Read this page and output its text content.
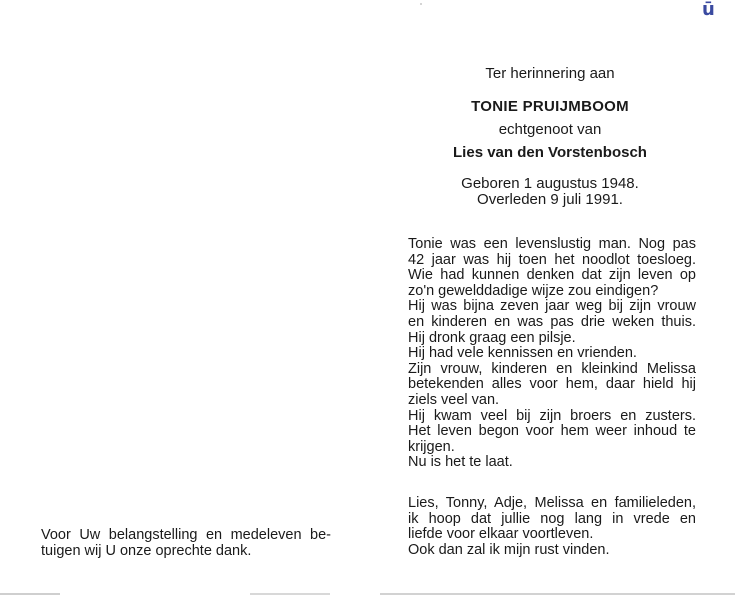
ū
Ter herinnering aan
TONIE PRUIJMBOOM
echtgenoot van
Lies van den Vorstenbosch
Geboren 1 augustus 1948.
Overleden 9 juli 1991.

Tonie was een levenslustig man. Nog pas

42 jaar was hij toen het noodlot toesloeg.

Wie had kunnen denken dat zijn leven op

zo'n gewelddadige wijze zou eindigen?

Hij was bijna zeven jaar weg bij zijn vrouw

en kinderen en was pas drie weken thuis.

Hij dronk graag een pilsje.

Hij had vele kennissen en vrienden.

Zijn vrouw, kinderen en kleinkind Melissa

betekenden alles voor hem, daar hield hij

ziels veel van.

Hij kwam veel bij zijn broers en zusters.

Het leven begon voor hem weer inhoud te

krijgen.

Nu is het te laat.

Lies, Tonny, Adje, Melissa en familieleden,

ik hoop dat jullie nog lang in vrede en

liefde voor elkaar voortleven.

Ook dan zal ik mijn rust vinden.

Voor Uw belangstelling en medeleven be-

tuigen wij U onze oprechte dank.
